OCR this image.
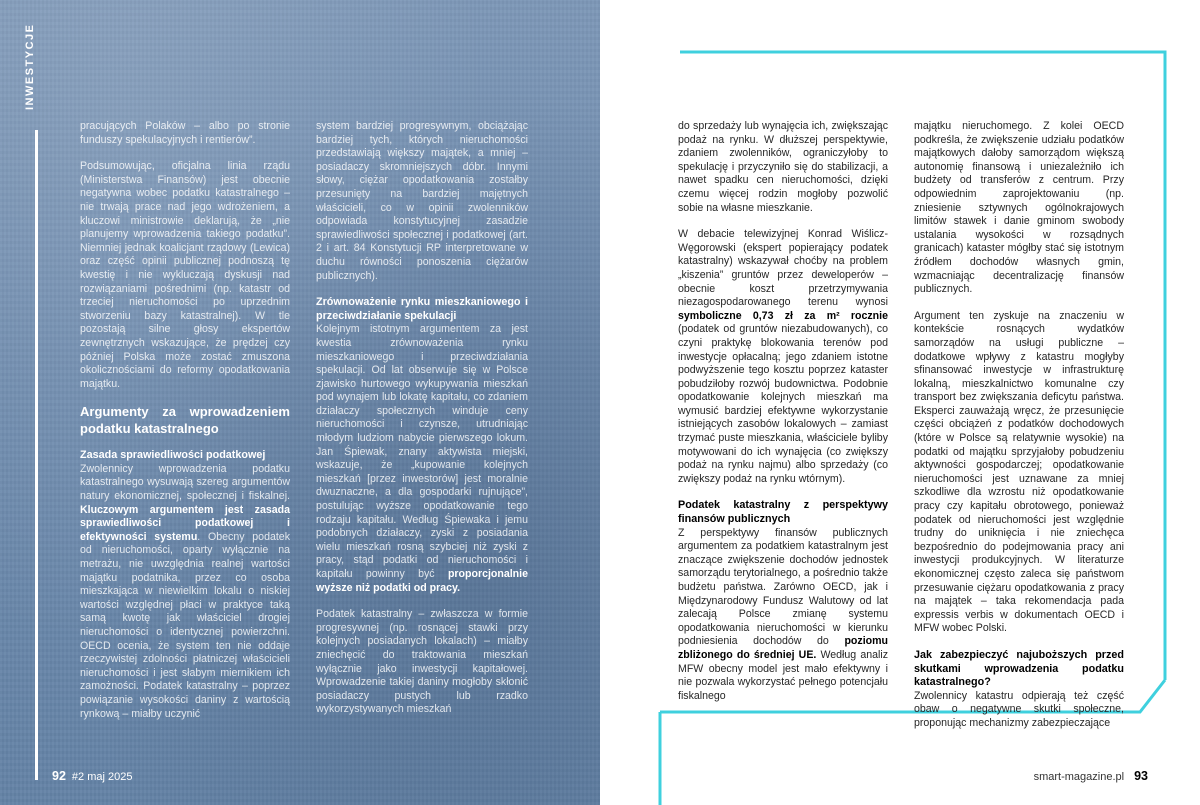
INWESTYCJE

pracujących Polaków – albo po stronie funduszy spekulacyjnych i rentierów”.

Podsumowując, oficjalna linia rządu (Ministerstwa Finansów) jest obecnie negatywna wobec podatku katastralnego – nie trwają prace nad jego wdrożeniem, a kluczowi ministrowie deklarują, że „nie planujemy wprowadzenia takiego podatku”. Niemniej jednak koalicjant rządowy (Lewica) oraz część opinii publicznej podnoszą tę kwestię i nie wykluczają dyskusji nad rozwiązaniami pośrednimi (np. katastr od trzeciej nieruchomości po uprzednim stworzeniu bazy katastralnej). W tle pozostają silne głosy ekspertów zewnętrznych wskazujące, że prędzej czy później Polska może zostać zmuszona okolicznościami do reformy opodatkowania majątku.

Argumenty za wprowadzeniem podatku katastralnego
Zasada sprawiedliwości podatkowej

Zwolennicy wprowadzenia podatku katastralnego wysuwają szereg argumentów natury ekonomicznej, społecznej i fiskalnej. Kluczowym argumentem jest zasada sprawiedliwości podatkowej i efektywności systemu. Obecny podatek od nieruchomości, oparty wyłącznie na metrażu, nie uwzględnia realnej wartości majątku podatnika, przez co osoba mieszkająca w niewielkim lokalu o niskiej wartości względnej płaci w praktyce taką samą kwotę jak właściciel drogiej nieruchomości o identycznej powierzchni. OECD ocenia, że system ten nie oddaje rzeczywistej zdolności płatniczej właścicieli nieruchomości i jest słabym miernikiem ich zamożności. Podatek katastralny – poprzez powiązanie wysokości daniny z wartością rynkową – miałby uczynić

system bardziej progresywnym, obciążając bardziej tych, których nieruchomości przedstawiają większy majątek, a mniej – posiadaczy skromniejszych dóbr. Innymi słowy, ciężar opodatkowania zostałby przesunięty na bardziej majętnych właścicieli, co w opinii zwolenników odpowiada konstytucyjnej zasadzie sprawiedliwości społecznej i podatkowej (art. 2 i art. 84 Konstytucji RP interpretowane w duchu równości ponoszenia ciężarów publicznych).

Zrównoważenie rynku mieszkaniowego i przeciwdziałanie spekulacji

Kolejnym istotnym argumentem za jest kwestia zrównoważenia rynku mieszkaniowego i przeciwdziałania spekulacji. Od lat obserwuje się w Polsce zjawisko hurtowego wykupywania mieszkań pod wynajem lub lokatę kapitału, co zdaniem działaczy społecznych winduje ceny nieruchomości i czynsze, utrudniając młodym ludziom nabycie pierwszego lokum. Jan Śpiewak, znany aktywista miejski, wskazuje, że „kupowanie kolejnych mieszkań [przez inwestorów] jest moralnie dwuznaczne, a dla gospodarki rujnujące”, postulując wyższe opodatkowanie tego rodzaju kapitału. Według Śpiewaka i jemu podobnych działaczy, zyski z posiadania wielu mieszkań rosną szybciej niż zyski z pracy, stąd podatki od nieruchomości i kapitału powinny być proporcjonalnie wyższe niż podatki od pracy.

Podatek katastralny – zwłaszcza w formie progresywnej (np. rosnącej stawki przy kolejnych posiadanych lokalach) – miałby zniechęcić do traktowania mieszkań wyłącznie jako inwestycji kapitałowej. Wprowadzenie takiej daniny mogłoby skłonić posiadaczy pustych lub rzadko wykorzystywanych mieszkań

92 #2 maj 2025

do sprzedaży lub wynajęcia ich, zwiększając podaż na rynku. W dłuższej perspektywie, zdaniem zwolenników, ograniczyłoby to spekulację i przyczyniło się do stabilizacji, a nawet spadku cen nieruchomości, dzięki czemu więcej rodzin mogłoby pozwolić sobie na własne mieszkanie.

W debacie telewizyjnej Konrad Wiślicz-Węgorowski (ekspert popierający podatek katastralny) wskazywał choćby na problem „kiszenia” gruntów przez deweloperów – obecnie koszt przetrzymywania niezagospodarowanego terenu wynosi symboliczne 0,73 zł za m² rocznie (podatek od gruntów niezabudowanych), co czyni praktykę blokowania terenów pod inwestycje opłacalną; jego zdaniem istotne podwyższenie tego kosztu poprzez kataster pobudziłoby rozwój budownictwa. Podobnie opodatkowanie kolejnych mieszkań ma wymusić bardziej efektywne wykorzystanie istniejących zasobów lokalowych – zamiast trzymać puste mieszkania, właściciele byliby motywowani do ich wynajęcia (co zwiększy podaż na rynku najmu) albo sprzedaży (co zwiększy podaż na rynku wtórnym).

Podatek katastralny z perspektywy finansów publicznych

Z perspektywy finansów publicznych argumentem za podatkiem katastralnym jest znaczące zwiększenie dochodów jednostek samorządu terytorialnego, a pośrednio także budżetu państwa. Zarówno OECD, jak i Międzynarodowy Fundusz Walutowy od lat zalecają Polsce zmianę systemu opodatkowania nieruchomości w kierunku podniesienia dochodów do poziomu zbliżonego do średniej UE. Według analiz MFW obecny model jest mało efektywny i nie pozwala wykorzystać pełnego potencjału fiskalnego

majątku nieruchomego. Z kolei OECD podkreśla, że zwiększenie udziału podatków majątkowych dałoby samorządom większą autonomię finansową i uniezależniło ich budżety od transferów z centrum. Przy odpowiednim zaprojektowaniu (np. zniesienie sztywnych ogólnokrajowych limitów stawek i danie gminom swobody ustalania wysokości w rozsądnych granicach) kataster mógłby stać się istotnym źródłem dochodów własnych gmin, wzmacniając decentralizację finansów publicznych.

Argument ten zyskuje na znaczeniu w kontekście rosnących wydatków samorządów na usługi publiczne – dodatkowe wpływy z katastru mogłyby sfinansować inwestycje w infrastrukturę lokalną, mieszkalnictwo komunalne czy transport bez zwiększania deficytu państwa. Eksperci zauważają wręcz, że przesunięcie części obciążeń z podatków dochodowych (które w Polsce są relatywnie wysokie) na podatki od majątku sprzyjałoby pobudzeniu aktywności gospodarczej; opodatkowanie nieruchomości jest uznawane za mniej szkodliwe dla wzrostu niż opodatkowanie pracy czy kapitału obrotowego, ponieważ podatek od nieruchomości jest względnie trudny do uniknięcia i nie zniechęca bezpośrednio do podejmowania pracy ani inwestycji produkcyjnych. W literaturze ekonomicznej często zaleca się państwom przesuwanie ciężaru opodatkowania z pracy na majątek – taka rekomendacja pada expressis verbis w dokumentach OECD i MFW wobec Polski.

Jak zabezpieczyć najuboższych przed skutkami wprowadzenia podatku katastralnego?

Zwolennicy katastru odpierają też część obaw o negatywne skutki społeczne, proponując mechanizmy zabezpieczające

smart-magazine.pl 93
